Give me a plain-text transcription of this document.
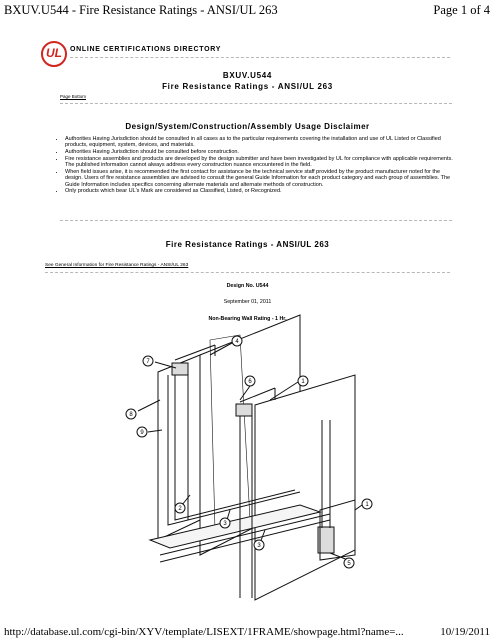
BXUV.U544 - Fire Resistance Ratings - ANSI/UL 263	Page 1 of 4
UL	ONLINE CERTIFICATIONS DIRECTORY
BXUV.U544
Fire Resistance Ratings - ANSI/UL 263
Page Bottom
Design/System/Construction/Assembly Usage Disclaimer
• Authorities Having Jurisdiction should be consulted in all cases as to the particular requirements covering the installation and use of UL Listed or Classified products, equipment, system, devices, and materials.
• Authorities Having Jurisdiction should be consulted before construction.
• Fire resistance assemblies and products are developed by the design submitter and have been investigated by UL for compliance with applicable requirements. The published information cannot always address every construction nuance encountered in the field.
• When field issues arise, it is recommended the first contact for assistance be the technical service staff provided by the product manufacturer noted for the design. Users of fire resistance assemblies are advised to consult the general Guide Information for each product category and each group of assemblies. The Guide Information includes specifics concerning alternate materials and alternate methods of construction.
• Only products which bear UL's Mark are considered as Classified, Listed, or Recognized.
Fire Resistance Ratings - ANSI/UL 263
See General Information for Fire Resistance Ratings - ANSI/UL 263
Design No. U544
September 01, 2011
Non-Bearing Wall Rating - 1 Hr.
7
4
6	1
8
9
2
3
3
1
5
http://database.ul.com/cgi-bin/XYV/template/LISEXT/1FRAME/showpage.html?name=...	10/19/2011
